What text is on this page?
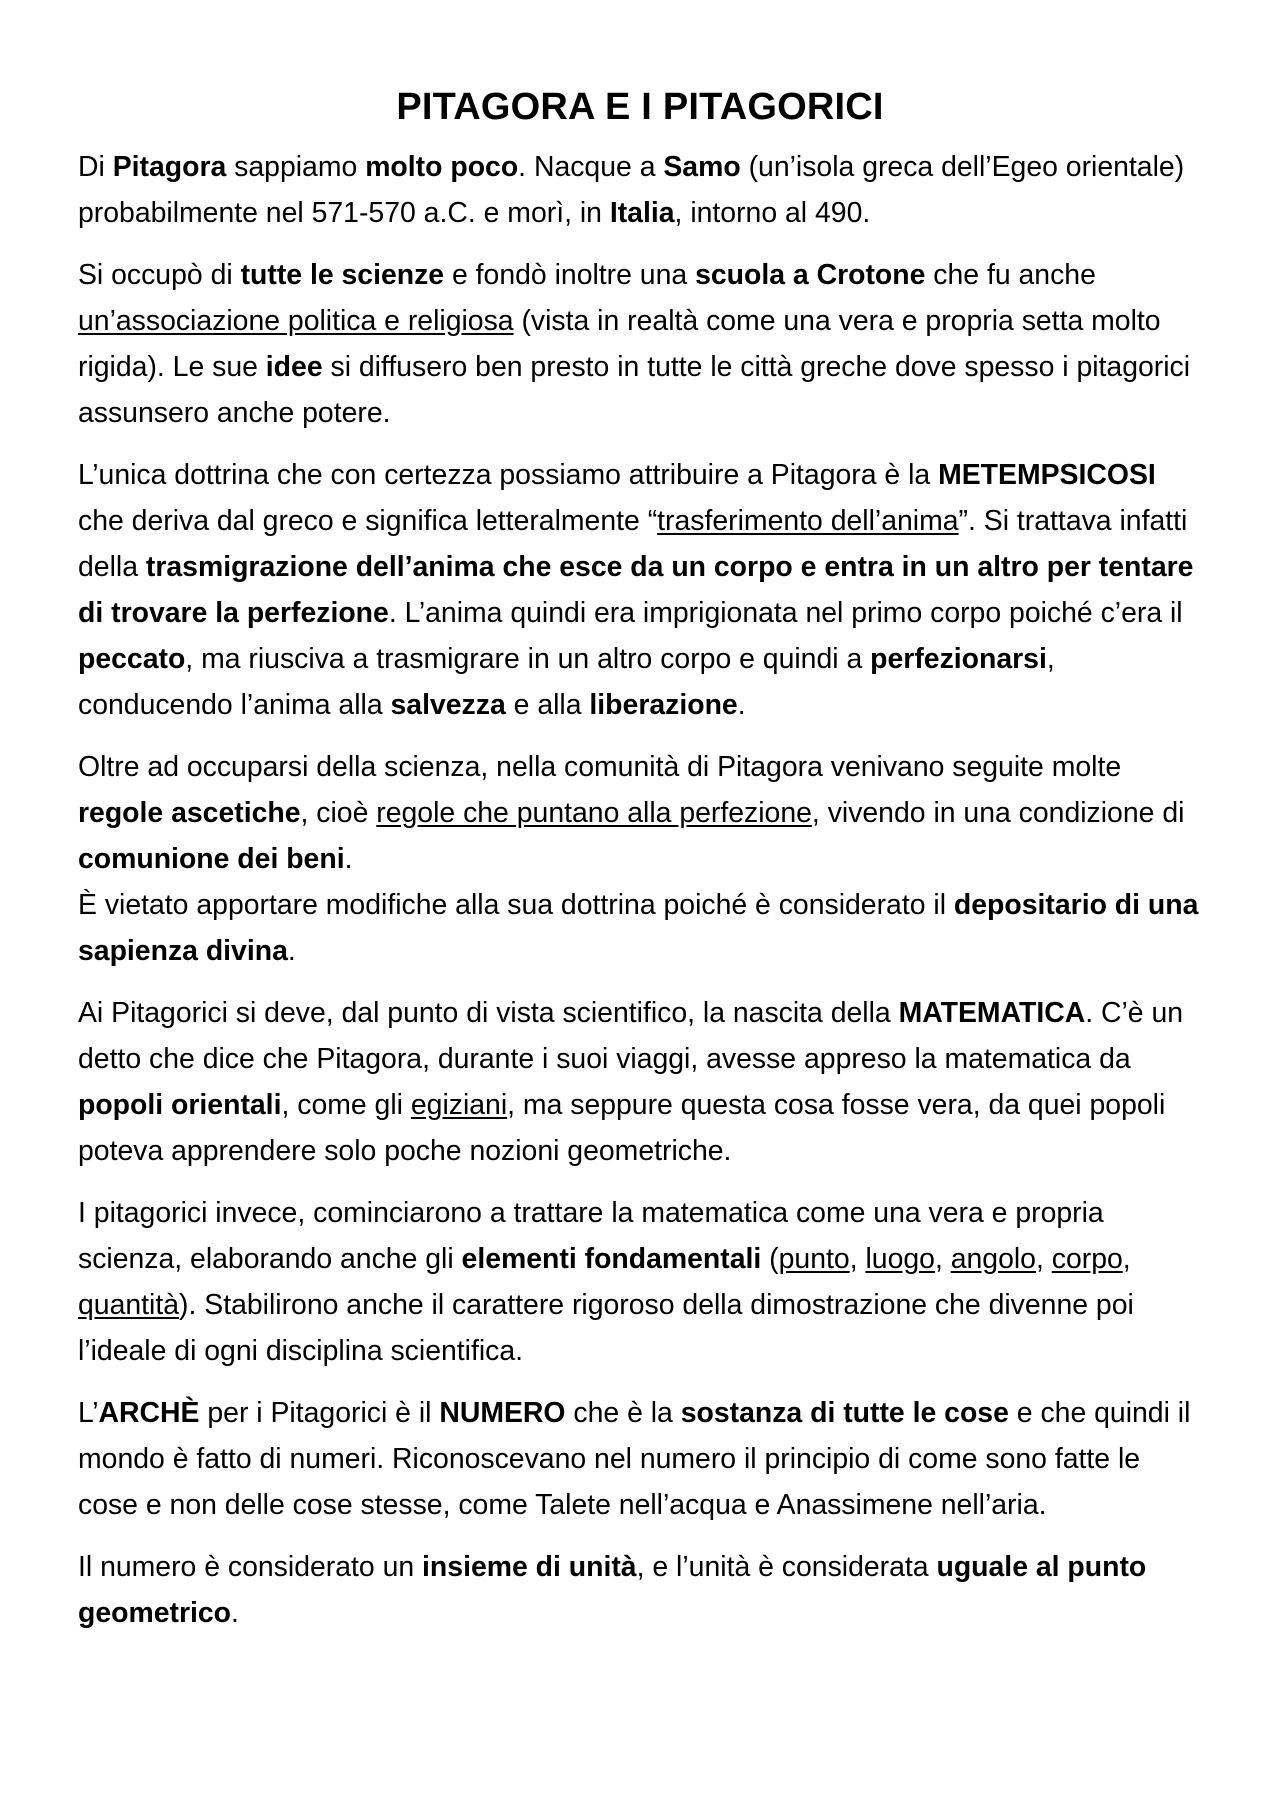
PITAGORA E I PITAGORICI

Di Pitagora sappiamo molto poco. Nacque a Samo (un’isola greca dell’Egeo orientale) probabilmente nel 571-570 a.C. e morì, in Italia, intorno al 490.

Si occupò di tutte le scienze e fondò inoltre una scuola a Crotone che fu anche un’associazione politica e religiosa (vista in realtà come una vera e propria setta molto rigida). Le sue idee si diffusero ben presto in tutte le città greche dove spesso i pitagorici assunsero anche potere.

L’unica dottrina che con certezza possiamo attribuire a Pitagora è la METEMPSICOSI che deriva dal greco e significa letteralmente “trasferimento dell’anima”. Si trattava infatti della trasmigrazione dell’anima che esce da un corpo e entra in un altro per tentare di trovare la perfezione. L’anima quindi era imprigionata nel primo corpo poiché c’era il peccato, ma riusciva a trasmigrare in un altro corpo e quindi a perfezionarsi, conducendo l’anima alla salvezza e alla liberazione.

Oltre ad occuparsi della scienza, nella comunità di Pitagora venivano seguite molte regole ascetiche, cioè regole che puntano alla perfezione, vivendo in una condizione di comunione dei beni.
È vietato apportare modifiche alla sua dottrina poiché è considerato il depositario di una sapienza divina.

Ai Pitagorici si deve, dal punto di vista scientifico, la nascita della MATEMATICA. C’è un detto che dice che Pitagora, durante i suoi viaggi, avesse appreso la matematica da popoli orientali, come gli egiziani, ma seppure questa cosa fosse vera, da quei popoli poteva apprendere solo poche nozioni geometriche.

I pitagorici invece, cominciarono a trattare la matematica come una vera e propria scienza, elaborando anche gli elementi fondamentali (punto, luogo, angolo, corpo, quantità). Stabilirono anche il carattere rigoroso della dimostrazione che divenne poi l’ideale di ogni disciplina scientifica.

L’ARCHÈ per i Pitagorici è il NUMERO che è la sostanza di tutte le cose e che quindi il mondo è fatto di numeri. Riconoscevano nel numero il principio di come sono fatte le cose e non delle cose stesse, come Talete nell’acqua e Anassimene nell’aria.

Il numero è considerato un insieme di unità, e l’unità è considerata uguale al punto geometrico.
